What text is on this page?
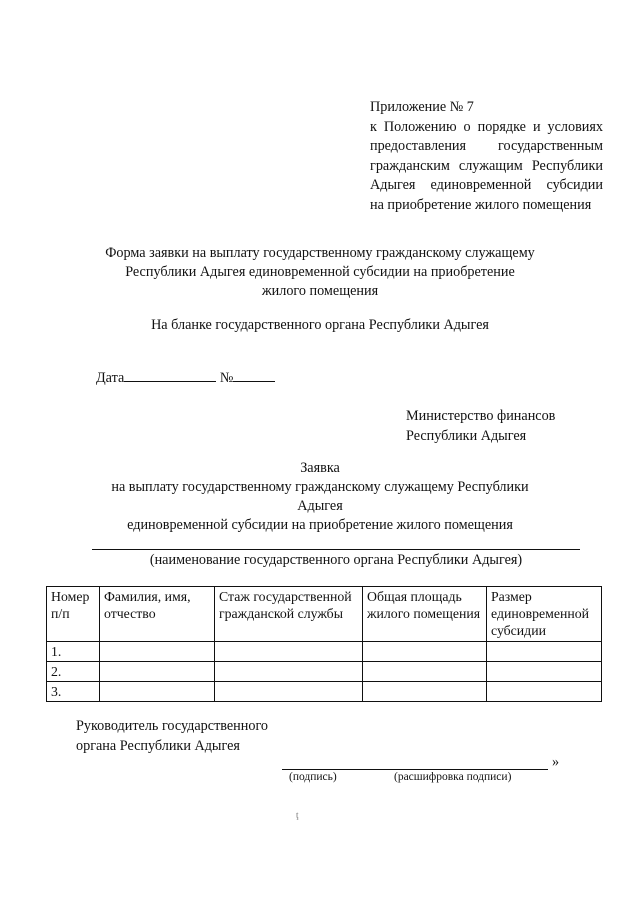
Приложение № 7
к Положению о порядке и условиях
предоставления государственным
гражданским служащим Республики
Адыгея единовременной субсидии
на приобретение жилого помещения
Форма заявки на выплату государственному гражданскому служащему
Республики Адыгея единовременной субсидии на приобретение
жилого помещения
На бланке государственного органа Республики Адыгея
Дата	№
Министерство финансов
Республики Адыгея
Заявка
на выплату государственному гражданскому служащему Республики Адыгея
единовременной субсидии на приобретение жилого помещения
(наименование государственного органа Республики Адыгея)
Номер п/п	Фамилия, имя, отчество	Стаж государственной гражданской службы	Общая площадь жилого помещения	Размер единовременной субсидии
1.				
2.				
3.				
Руководитель государственного
органа Республики Адыгея
»
(подпись)	(расшифровка подписи)
ţ
